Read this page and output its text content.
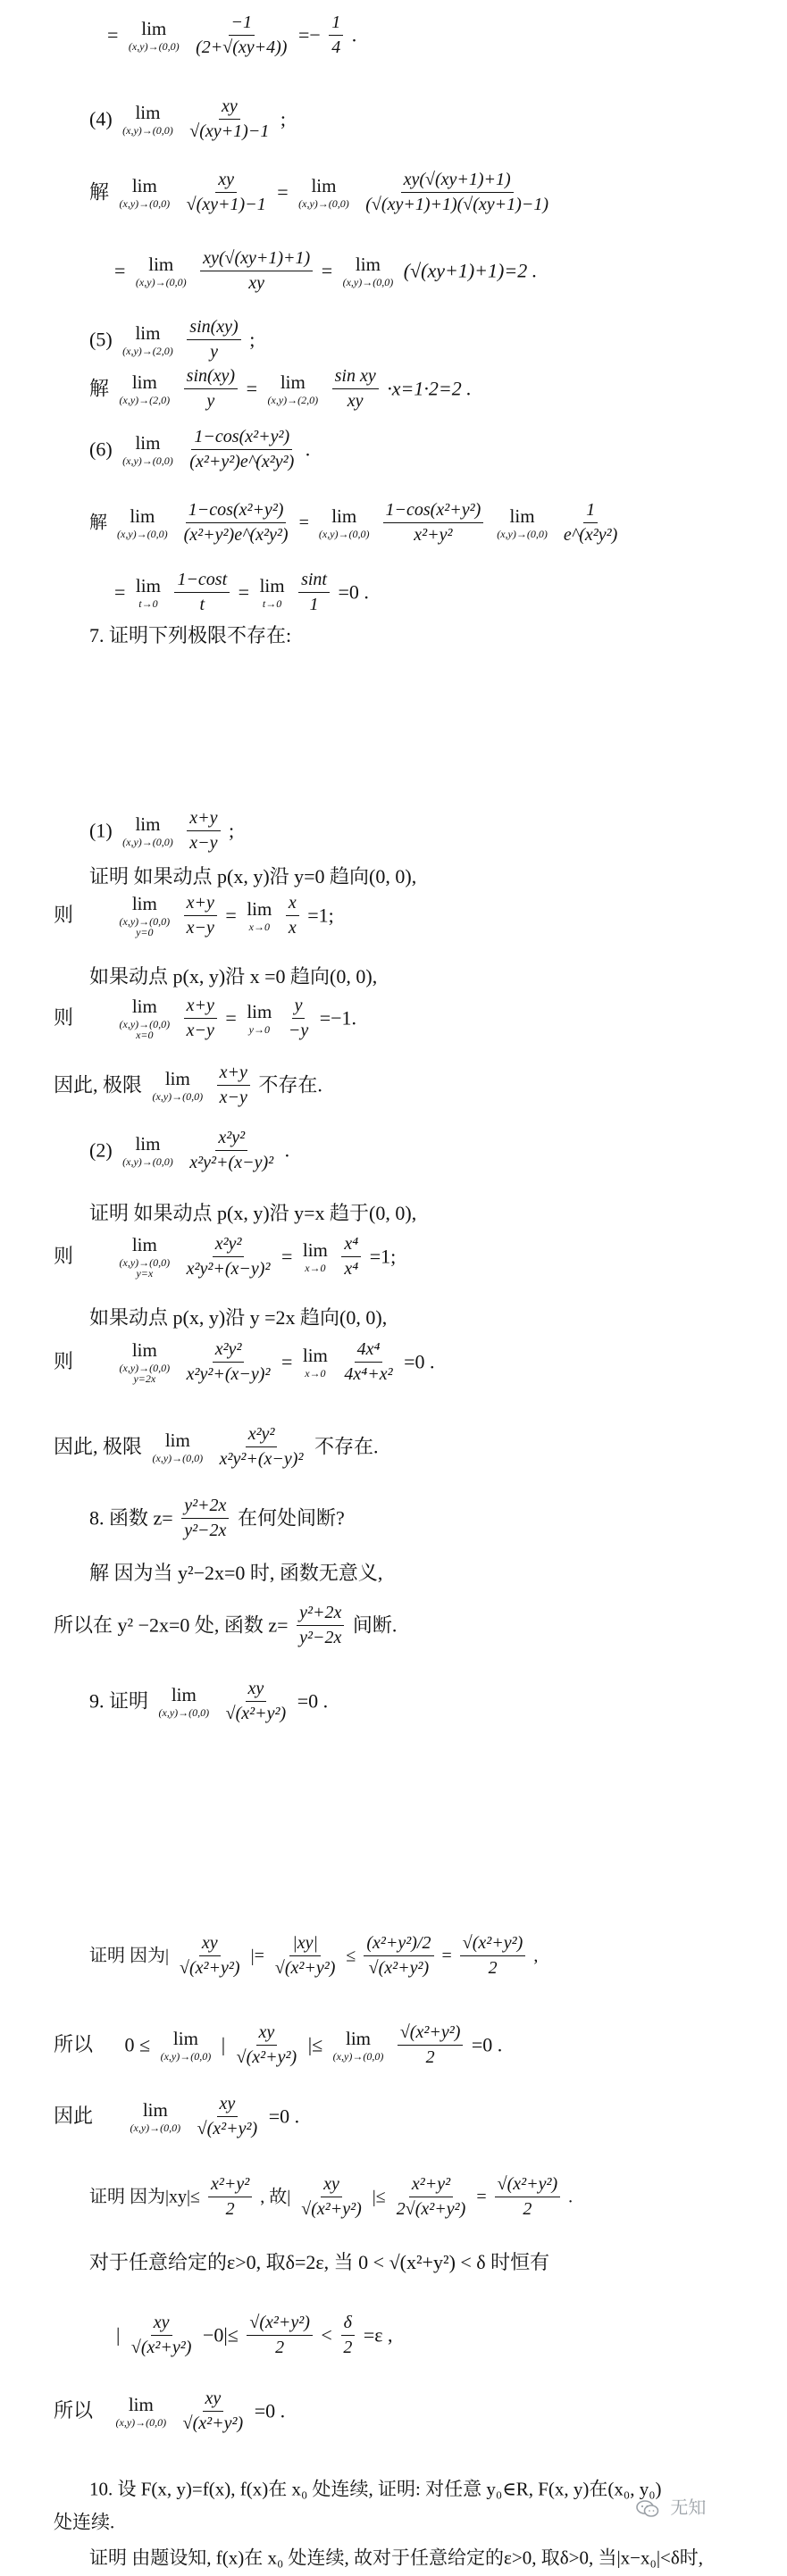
=	lim
(x,y)→(0,0)
$\frac{-1}{(2+√(xy+4))} =- \frac{1}{4}$ .
(4)	lim
(x,y)→(0,0)
$\frac{xy}{√(xy+1)-1}$ ;
解	lim
(x,y)→(0,0)
$\frac{xy}{√(xy+1)-1}$ =	lim
(x,y)→(0,0)
$\frac{xy(√(xy+1)+1)}{(√(xy+1)+1)(√(xy+1)-1)}$
=	lim
(x,y)→(0,0)
$\frac{xy(√(xy+1)+1)}{xy}$ =	lim
(x,y)→(0,0)
(√(xy+1)+1)=2 .
(5)	lim
(x,y)→(2,0)
$\frac{\sin(xy)}{y}$ ;
解	lim
(x,y)→(2,0)
$\frac{\sin(xy)}{y}$ =	lim
(x,y)→(2,0)
$\frac{\text{sin xy}}{xy} \cdot x=1\cdot 2=2$ .
(6)	lim
(x,y)→(0,0)
$\frac{\text{1−cos(x²+y²)}}{\text{(x²+y²)e\textasciicircum{}(x²y²)}}$ .
解	lim
(x,y)→(0,0)
$\frac{\text{1−cos(x²+y²)}}{\text{(x²+y²)e\textasciicircum{}(x²y²)}}$ =	lim
(x,y)→(0,0)
$\frac{\text{1−cos(x²+y²)}}{\text{x²+y²}}$
	lim
(x,y)→(0,0)
$\frac{1}{\text{e\textasciicircum{}(x²y²)}}$
= lim
t→0
$\frac{1-\cos t}{t} = \lim$
t→0
$\frac{\sin t}{1} =0$ .
7. 证明下列极限不存在:
(1)	lim
(x,y)→(0,0)
$\frac{x+y}{x-y}$ ;
证明 如果动点 p(x, y)沿 y=0 趋向(0, 0),
则
lim
(x,y)→(0,0)
y=0
	$\frac{x+y}{x-y} = \lim$
x→0
$\frac{x}{x} =1$;
如果动点 p(x, y)沿 x =0 趋向(0, 0),
则
lim
(x,y)→(0,0)
x=0
	$\frac{x+y}{x-y} = \lim$
y→0
$\frac{y}{-y} =-1$.
因此, 极限	lim
(x,y)→(0,0)
$\frac{x+y}{x-y}$ 不存在.
(2)	lim
(x,y)→(0,0)
$\frac{\text{x²y²}}{\text{x²y²+(x−y)²}}$ .
证明 如果动点 p(x, y)沿 y=x 趋于(0, 0),
则
lim
(x,y)→(0,0)
y=x
	$\frac{\text{x²y²}}{\text{x²y²+(x−y)²}} = \lim$
x→0
$\frac{\text{x⁴}}{\text{x⁴}} =1$;
如果动点 p(x, y)沿 y =2x 趋向(0, 0),
则
lim
(x,y)→(0,0)
y=2x
	$\frac{\text{x²y²}}{\text{x²y²+(x−y)²}} = \lim$
x→0
$\frac{\text{4x⁴}}{\text{4x⁴+x²}} =0$ .
因此, 极限	lim
(x,y)→(0,0)
$\frac{\text{x²y²}}{\text{x²y²+(x−y)²}}$ 不存在.
8. 函数 $z= \frac{\text{y²+2x}}{\text{y²−2x}}$ 在何处间断?
解 因为当 y²−2x=0 时, 函数无意义,
所以在 y² −2x=0 处, 函数 $z= \frac{\text{y²+2x}}{\text{y²−2x}}$ 间断.
9. 证明	lim
(x,y)→(0,0)
$\frac{xy}{\text{√(x²+y²)}} =0$ .
证明 因为| $\frac{xy}{\text{√(x²+y²)}}$ |= $\frac{|xy|}{\text{√(x²+y²)}} \le \frac{\text{(x²+y²)/2}}{\text{√(x²+y²)}} = \frac{\text{√(x²+y²)}}{2}$ ,
所以 0 ≤	lim
(x,y)→(0,0)
| $\frac{xy}{\text{√(x²+y²)}}$ |≤	lim
(x,y)→(0,0)
$\frac{\text{√(x²+y²)}}{2} =0$ .
因此	lim
(x,y)→(0,0)
$\frac{xy}{\text{√(x²+y²)}} =0$ .
证明 因为$|xy|\le \frac{\text{x²+y²}}{2}$ , 故| $\frac{xy}{\text{√(x²+y²)}}$ |≤ $\frac{\text{x²+y²}}{\text{2√(x²+y²)}} = \frac{\text{√(x²+y²)}}{2}$ .
对于任意给定的ε>0, 取δ=2ε, 当 0 < √(x²+y²) < δ 时恒有
| $\frac{xy}{\text{√(x²+y²)}} -0|\le \frac{\text{√(x²+y²)}}{2} < \frac{\delta}{2} =\varepsilon$ ,
所以	lim
(x,y)→(0,0)
$\frac{xy}{\text{√(x²+y²)}} =0$ .
10. 设 F(x, y)=f(x), f(x)在 x₀ 处连续, 证明: 对任意 y₀∈R, F(x, y)在(x₀, y₀)
处连续.
证明 由题设知, f(x)在 x₀ 处连续, 故对于任意给定的ε>0, 取δ>0, 当|x−x₀|<δ时,
无知
